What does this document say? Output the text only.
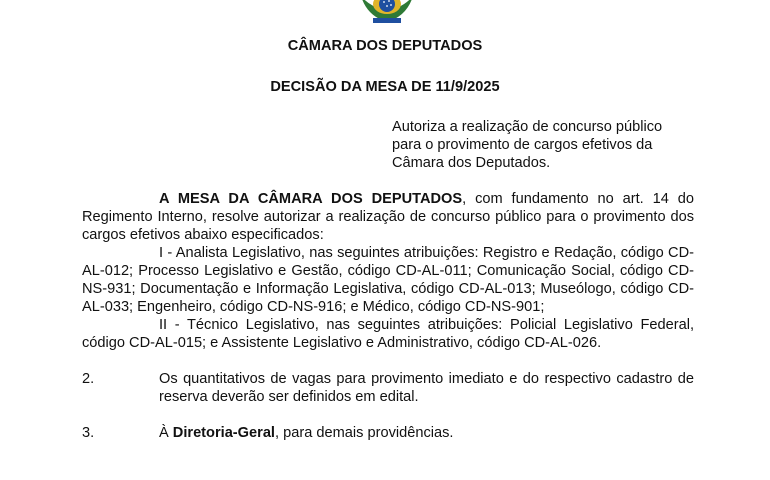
CÂMARA DOS DEPUTADOS
DECISÃO DA MESA DE 11/9/2025
Autoriza a realização de concurso público
para o provimento de cargos efetivos da
Câmara dos Deputados.

A MESA DA CÂMARA DOS DEPUTADOS, com fundamento no art. 14 do Regimento Interno, resolve autorizar a realização de concurso público para o provimento dos cargos efetivos abaixo especificados:

I - Analista Legislativo, nas seguintes atribuições: Registro e Redação, código CD-AL-012; Processo Legislativo e Gestão, código CD-AL-011; Comunicação Social, código CD-NS-931; Documentação e Informação Legislativa, código CD-AL-013; Museólogo, código CD-AL-033; Engenheiro, código CD-NS-916; e Médico, código CD-NS-901;

II - Técnico Legislativo, nas seguintes atribuições: Policial Legislativo Federal, código CD-AL-015; e Assistente Legislativo e Administrativo, código CD-AL-026.

2.	Os quantitativos de vagas para provimento imediato e do respectivo cadastro de reserva deverão ser definidos em edital.
3.	À Diretoria-Geral, para demais providências.
